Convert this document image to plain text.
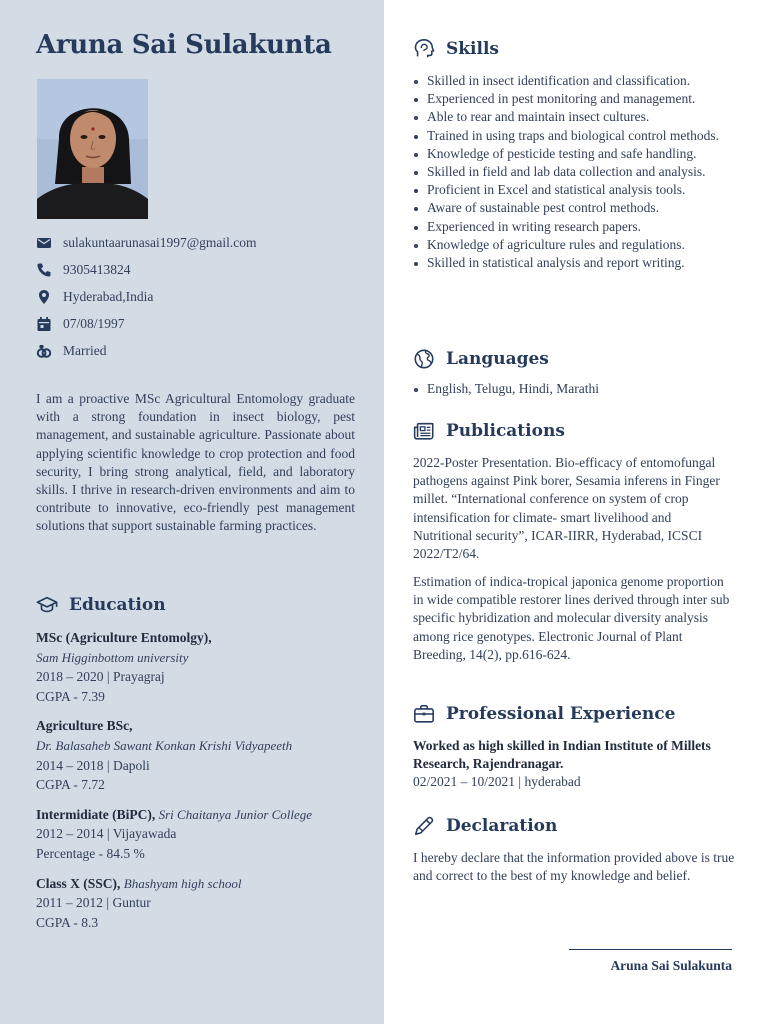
Aruna Sai Sulakunta
sulakuntaarunasai1997@gmail.com
9305413824
Hyderabad,India
07/08/1997
Married

I am a proactive MSc Agricultural Entomology graduate with a strong foundation in insect biology, pest management, and sustainable agriculture. Passionate about applying scientific knowledge to crop protection and food security, I bring strong analytical, field, and laboratory skills. I thrive in research-driven environments and aim to contribute to innovative, eco-friendly pest management solutions that support sustainable farming practices.

Education
MSc (Agriculture Entomolgy),
Sam Higginbottom university
2018 – 2020 | Prayagraj
CGPA - 7.39
Agriculture BSc,
Dr. Balasaheb Sawant Konkan Krishi Vidyapeeth
2014 – 2018 | Dapoli
CGPA - 7.72
Intermidiate (BiPC), Sri Chaitanya Junior College
2012 – 2014 | Vijayawada
Percentage - 84.5 %
Class X (SSC), Bhashyam high school
2011 – 2012 | Guntur
CGPA - 8.3
Skills
Skilled in insect identification and classification.
Experienced in pest monitoring and management.
Able to rear and maintain insect cultures.
Trained in using traps and biological control methods.
Knowledge of pesticide testing and safe handling.
Skilled in field and lab data collection and analysis.
Proficient in Excel and statistical analysis tools.
Aware of sustainable pest control methods.
Experienced in writing research papers.
Knowledge of agriculture rules and regulations.
Skilled in statistical analysis and report writing.
Languages
English, Telugu, Hindi, Marathi
Publications

2022-Poster Presentation. Bio-efficacy of entomofungal pathogens against Pink borer, Sesamia inferens in Finger millet. “International conference on system of crop intensification for climate- smart livelihood and Nutritional security”, ICAR-IIRR, Hyderabad, ICSCI 2022/T2/64.

Estimation of indica-tropical japonica genome proportion in wide compatible restorer lines derived through inter sub specific hybridization and molecular diversity analysis among rice genotypes. Electronic Journal of Plant Breeding, 14(2), pp.616-624.

Professional Experience

Worked as high skilled in Indian Institute of Millets Research, Rajendranagar.

02/2021 – 10/2021 | hyderabad

Declaration

I hereby declare that the information provided above is true and correct to the best of my knowledge and belief.

Aruna Sai Sulakunta
